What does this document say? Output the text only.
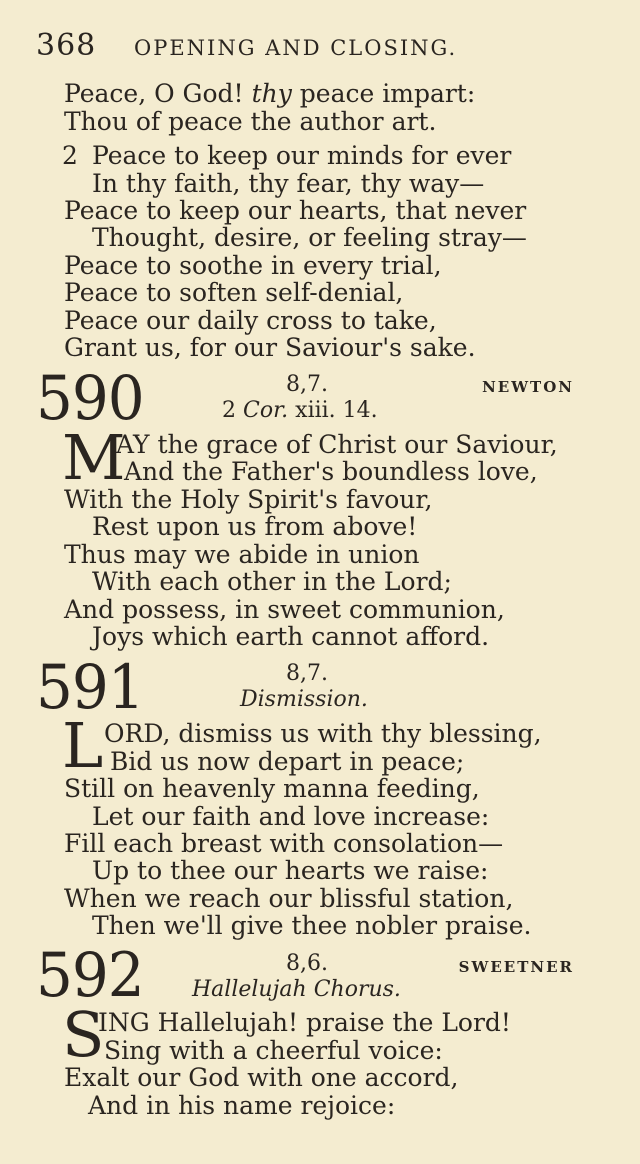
368 OPENING AND CLOSING.
Peace, O God! thy peace impart:
Thou of peace the author art.
2 Peace to keep our minds for ever
In thy faith, thy fear, thy way—
Peace to keep our hearts, that never
Thought, desire, or feeling stray—
Peace to soothe in every trial,
Peace to soften self-denial,
Peace our daily cross to take,
Grant us, for our Saviour's sake.
590	8,7.	NEWTON
2 Cor. xiii. 14.
M
AY the grace of Christ our Saviour,
And the Father's boundless love,
With the Holy Spirit's favour,
Rest upon us from above!
Thus may we abide in union
With each other in the Lord;
And possess, in sweet communion,
Joys which earth cannot afford.
591	8,7.
Dismission.
L ORD, dismiss us with thy blessing,
Bid us now depart in peace;
Still on heavenly manna feeding,
Let our faith and love increase:
Fill each breast with consolation—
Up to thee our hearts we raise:
When we reach our blissful station,
Then we'll give thee nobler praise.
592	8,6.	SWEETNER
Hallelujah Chorus.
S
ING Hallelujah! praise the Lord!
Sing with a cheerful voice:
Exalt our God with one accord,
And in his name rejoice:
